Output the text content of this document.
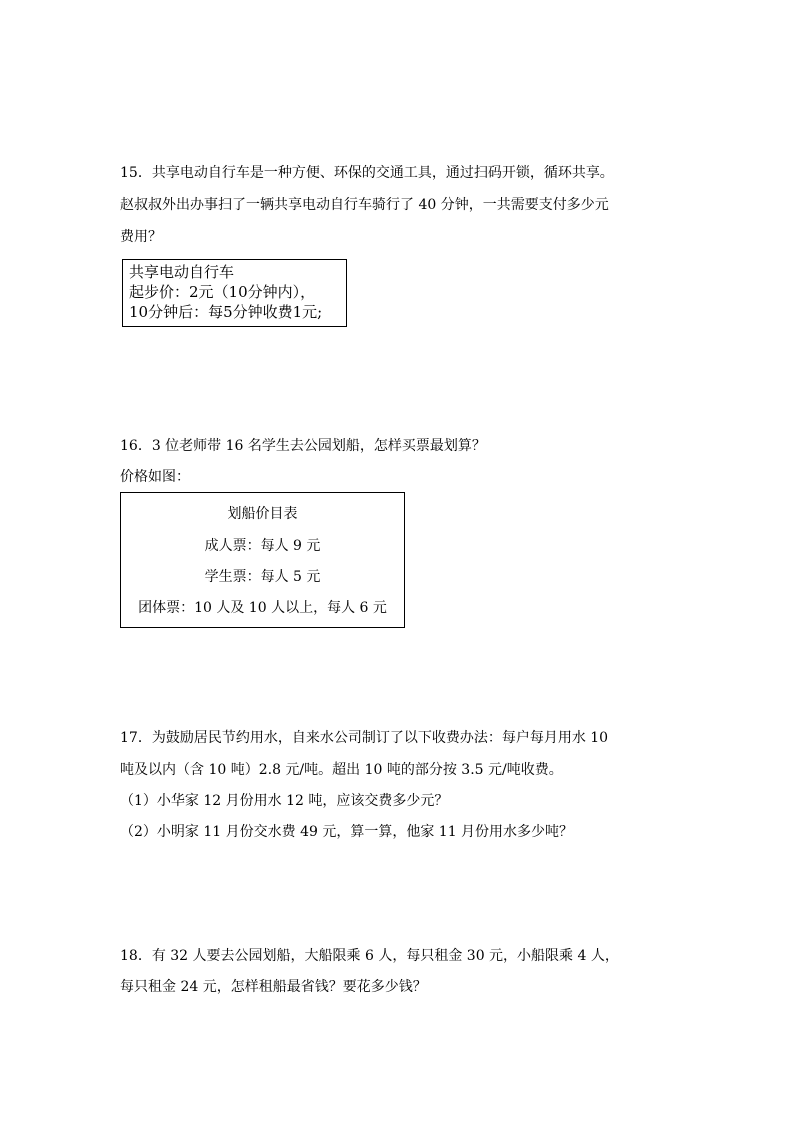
15．共享电动自行车是一种方便、环保的交通工具，通过扫码开锁，循环共享。
赵叔叔外出办事扫了一辆共享电动自行车骑行了 40 分钟，一共需要支付多少元
费用？
共享电动自行车
起步价：2元（10分钟内），
10分钟后：每5分钟收费1元;
16．3 位老师带 16 名学生去公园划船，怎样买票最划算？
价格如图：
划船价目表
成人票：每人 9 元
学生票：每人 5 元
团体票：10 人及 10 人以上，每人 6 元
17．为鼓励居民节约用水，自来水公司制订了以下收费办法：每户每月用水 10
吨及以内（含 10 吨）2.8 元/吨。超出 10 吨的部分按 3.5 元/吨收费。
（1）小华家 12 月份用水 12 吨，应该交费多少元？
（2）小明家 11 月份交水费 49 元，算一算，他家 11 月份用水多少吨？
18．有 32 人要去公园划船，大船限乘 6 人，每只租金 30 元，小船限乘 4 人，
每只租金 24 元，怎样租船最省钱？要花多少钱？
